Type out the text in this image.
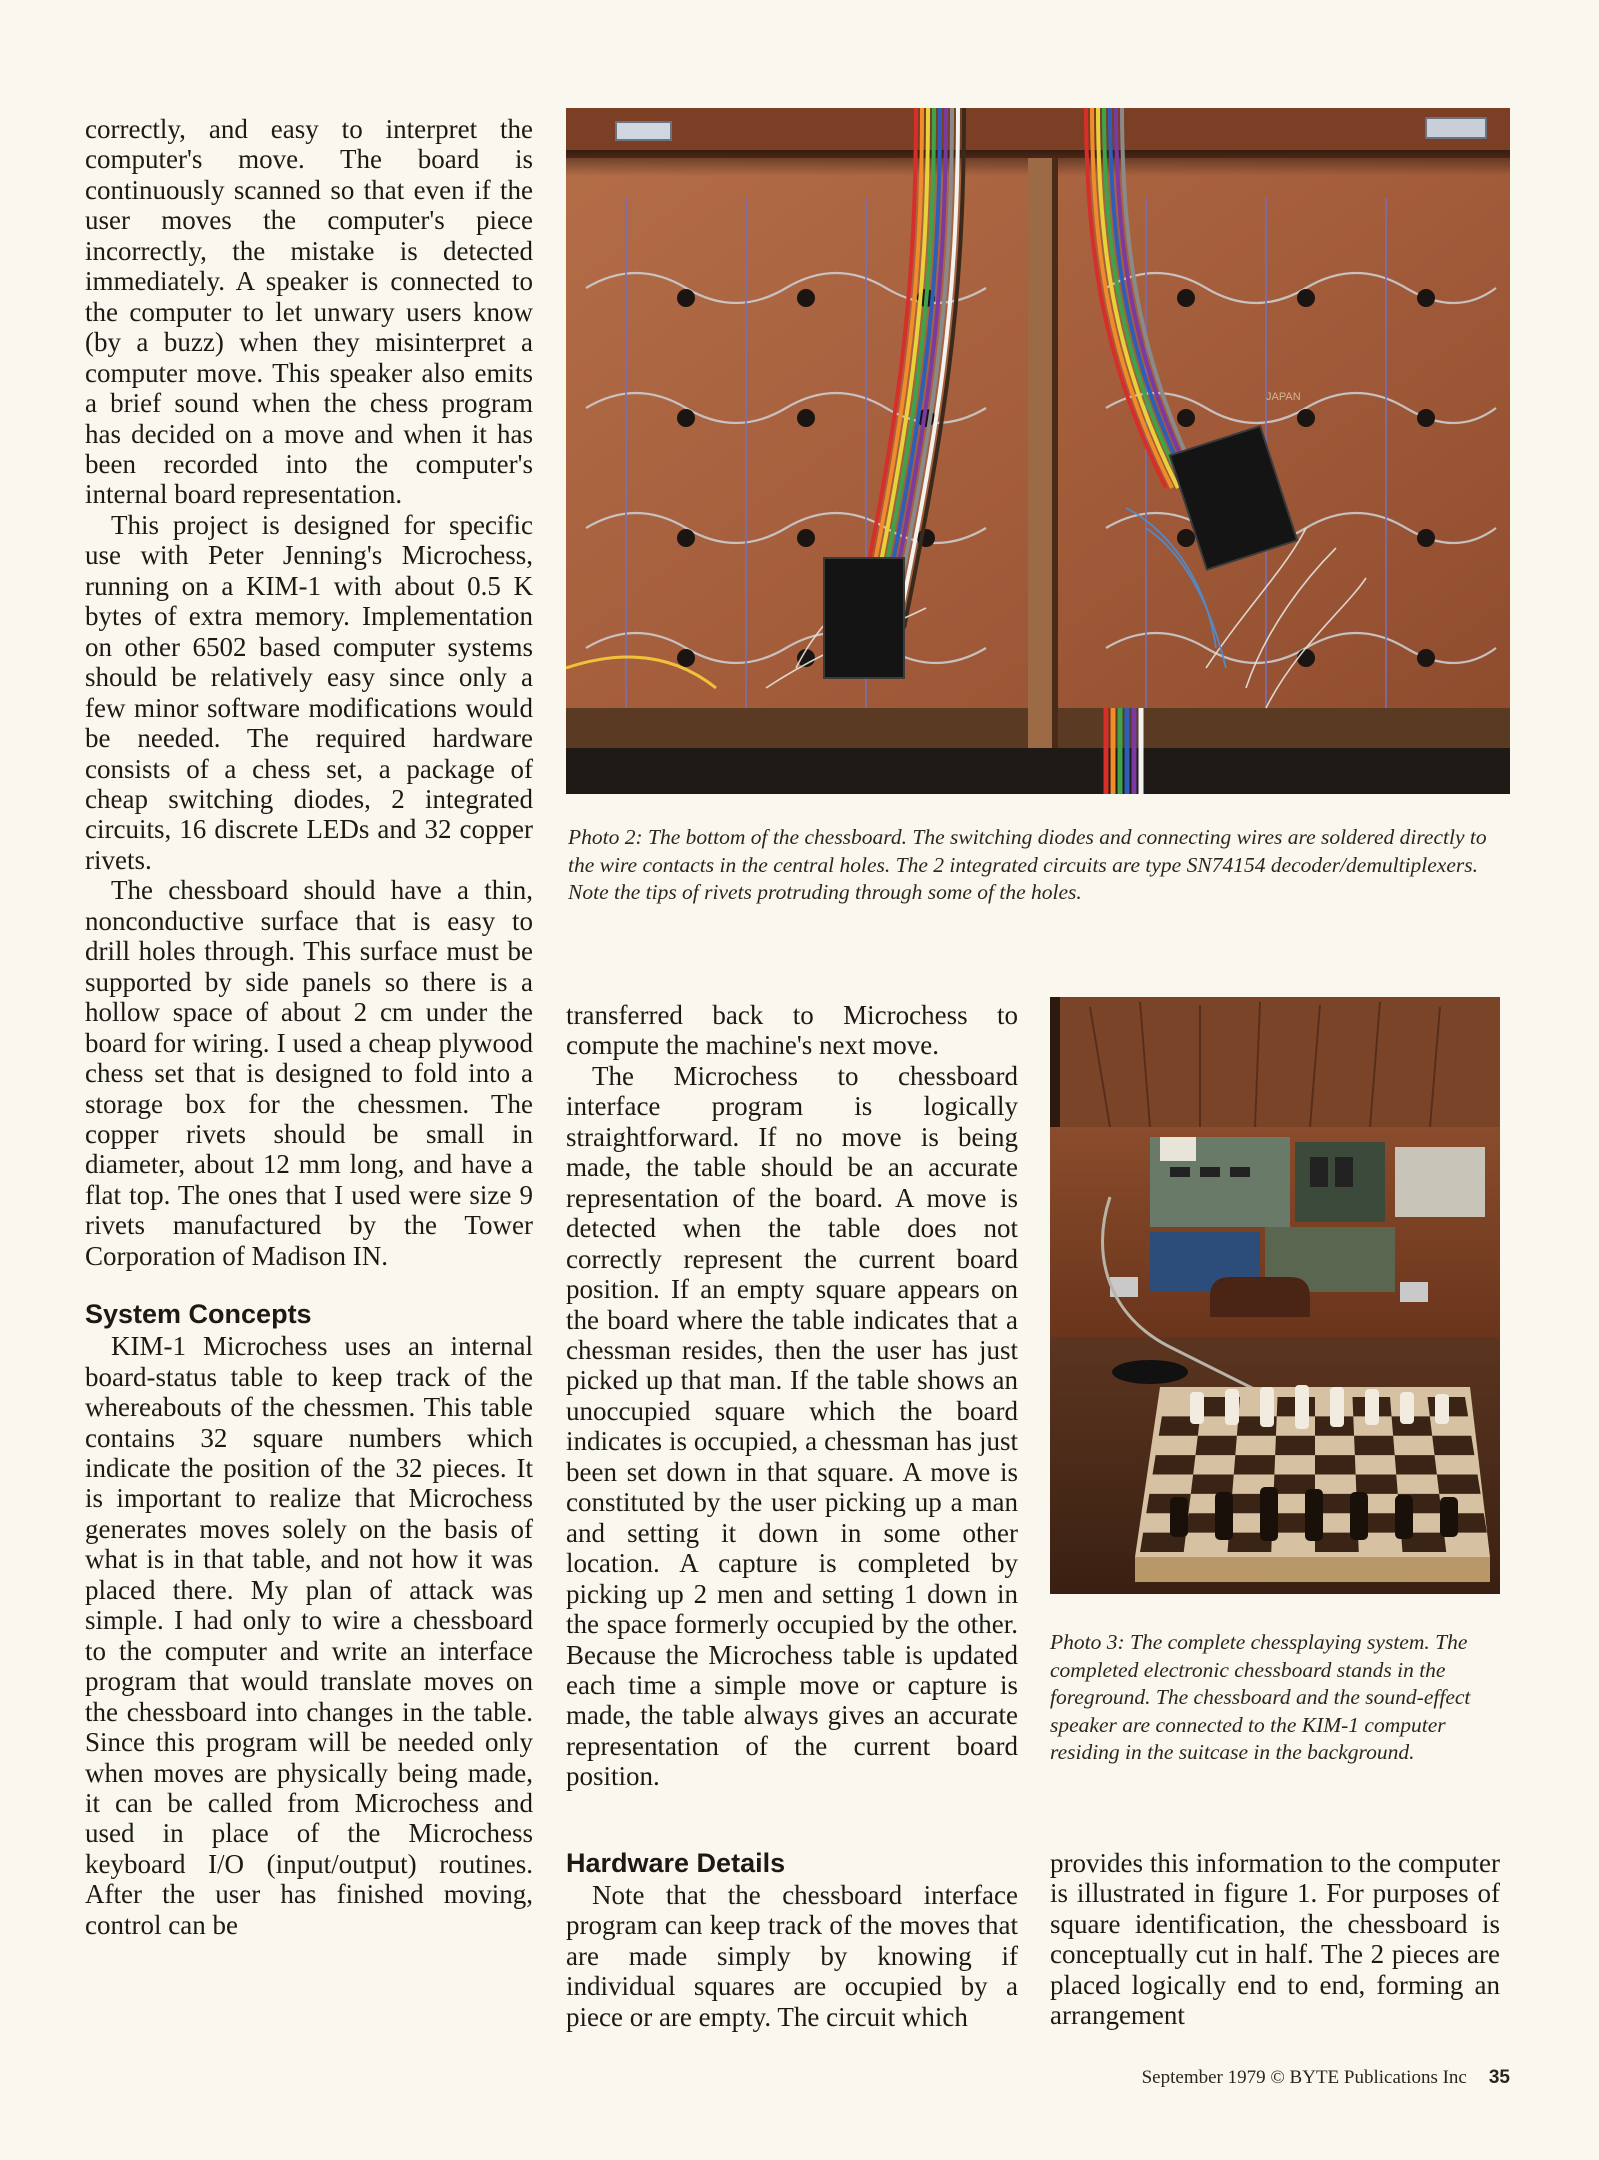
correctly, and easy to interpret the computer's move. The board is continuously scanned so that even if the user moves the computer's piece incorrectly, the mistake is detected immediately. A speaker is connected to the computer to let unwary users know (by a buzz) when they misinterpret a computer move. This speaker also emits a brief sound when the chess program has decided on a move and when it has been recorded into the computer's internal board representation.

This project is designed for specific use with Peter Jenning's Microchess, running on a KIM-1 with about 0.5 K bytes of extra memory. Implementation on other 6502 based computer systems should be relatively easy since only a few minor software modifications would be needed. The required hardware consists of a chess set, a package of cheap switching diodes, 2 integrated circuits, 16 discrete LEDs and 32 copper rivets.

The chessboard should have a thin, nonconductive surface that is easy to drill holes through. This surface must be supported by side panels so there is a hollow space of about 2 cm under the board for wiring. I used a cheap plywood chess set that is designed to fold into a storage box for the chessmen. The copper rivets should be small in diameter, about 12 mm long, and have a flat top. The ones that I used were size 9 rivets manufactured by the Tower Corporation of Madison IN.

System Concepts

KIM-1 Microchess uses an internal board-status table to keep track of the whereabouts of the chessmen. This table contains 32 square numbers which indicate the position of the 32 pieces. It is important to realize that Microchess generates moves solely on the basis of what is in that table, and not how it was placed there. My plan of attack was simple. I had only to wire a chessboard to the computer and write an interface program that would translate moves on the chessboard into changes in the table. Since this program will be needed only when moves are physically being made, it can be called from Microchess and used in place of the Microchess keyboard I/O (input/output) routines. After the user has finished moving, control can be

JAPAN
Photo 2: The bottom of the chessboard. The switching diodes and connecting wires are soldered directly to the wire contacts in the central holes. The 2 integrated circuits are type SN74154 decoder/demultiplexers. Note the tips of rivets protruding through some of the holes.

transferred back to Microchess to compute the machine's next move.

The Microchess to chessboard interface program is logically straightforward. If no move is being made, the table should be an accurate representation of the board. A move is detected when the table does not correctly represent the current board position. If an empty square appears on the board where the table indicates that a chessman resides, then the user has just picked up that man. If the table shows an unoccupied square which the board indicates is occupied, a chessman has just been set down in that square. A move is constituted by the user picking up a man and setting it down in some other location. A capture is completed by picking up 2 men and setting 1 down in the space formerly occupied by the other. Because the Microchess table is updated each time a simple move or capture is made, the table always gives an accurate representation of the current board position.

Hardware Details

Note that the chessboard interface program can keep track of the moves that are made simply by knowing if individual squares are occupied by a piece or are empty. The circuit which

Photo 3: The complete chessplaying system. The completed electronic chessboard stands in the foreground. The chessboard and the sound-effect speaker are connected to the KIM-1 computer residing in the suitcase in the background.

provides this information to the computer is illustrated in figure 1. For purposes of square identification, the chessboard is conceptually cut in half. The 2 pieces are placed logically end to end, forming an arrangement

September 1979 © BYTE Publications Inc 35
